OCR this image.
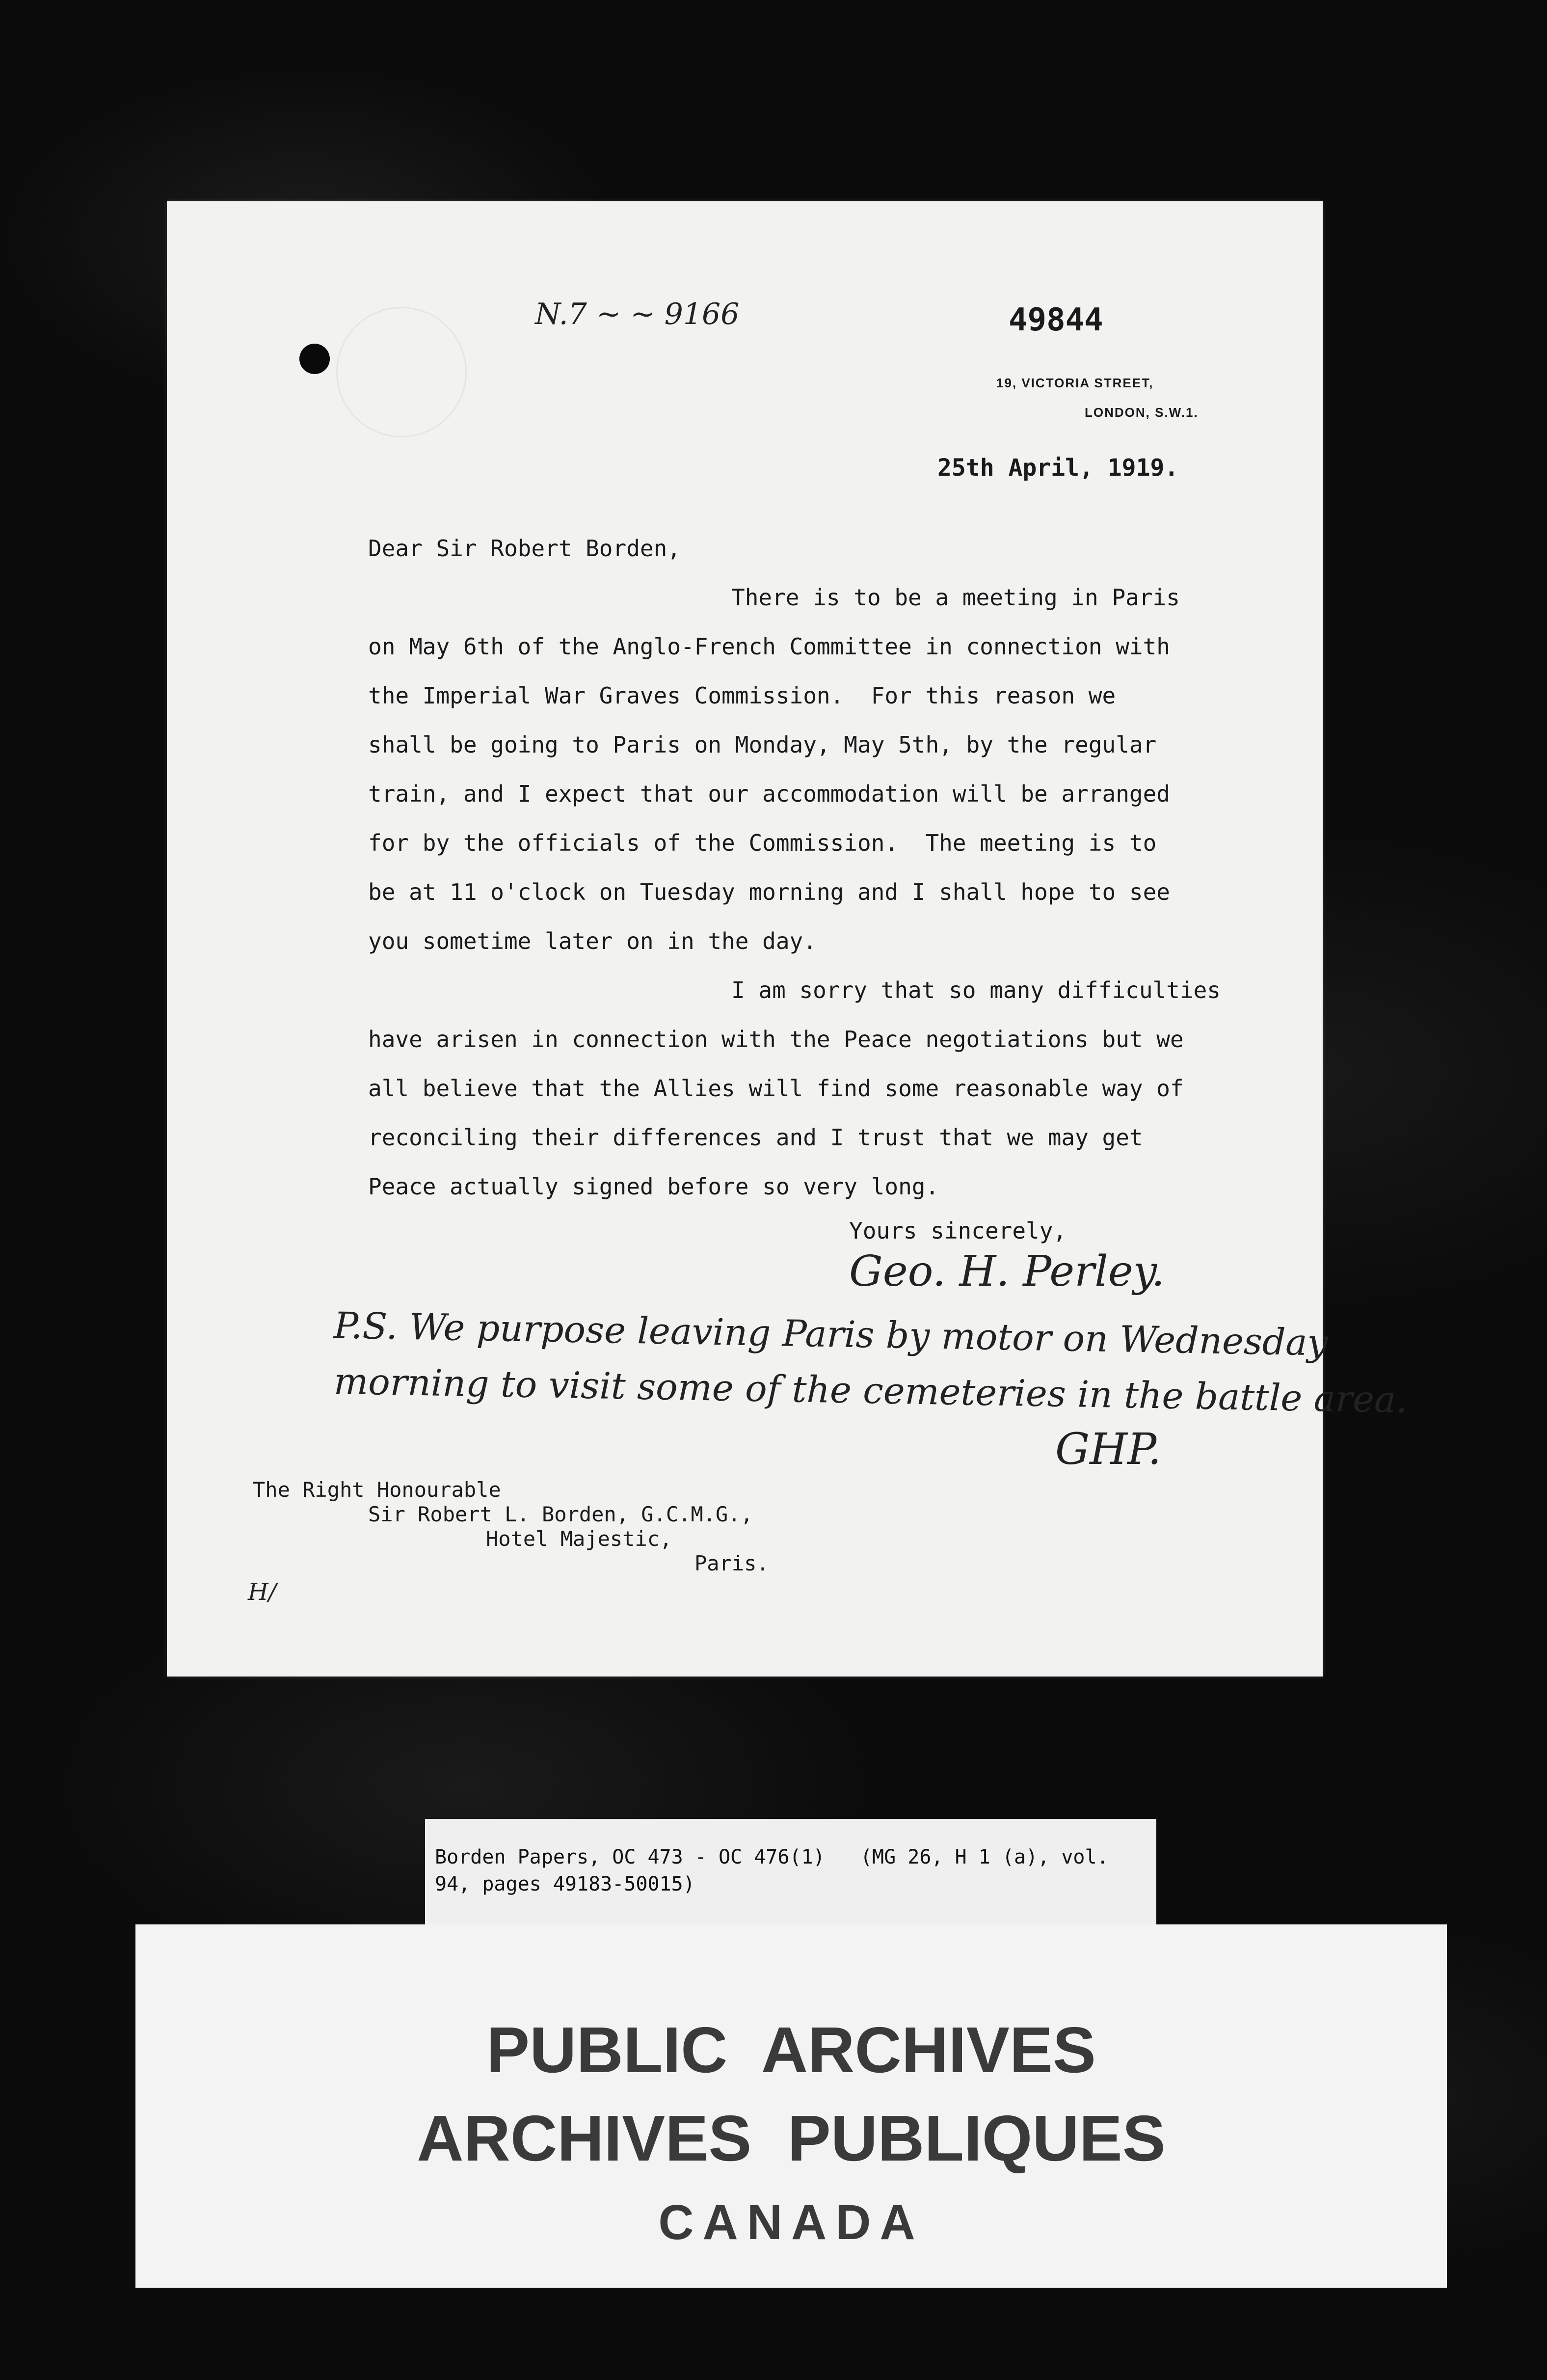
N.7 ~ ~ 9166	49844
19, VICTORIA STREET,
LONDON, S.W.1.
25th April, 1919.
Dear Sir Robert Borden,
There is to be a meeting in Paris
on May 6th of the Anglo-French Committee in connection with
the Imperial War Graves Commission.  For this reason we
shall be going to Paris on Monday, May 5th, by the regular
train, and I expect that our accommodation will be arranged
for by the officials of the Commission.  The meeting is to
be at 11 o'clock on Tuesday morning and I shall hope to see
you sometime later on in the day.
I am sorry that so many difficulties
have arisen in connection with the Peace negotiations but we
all believe that the Allies will find some reasonable way of
reconciling their differences and I trust that we may get
Peace actually signed before so very long.
Yours sincerely,
Geo. H. Perley.
P.S. We purpose leaving Paris by motor on Wednesday
morning to visit some of the cemeteries in the battle area.
GHP.
The Right Honourable
Sir Robert L. Borden, G.C.M.G.,
Hotel Majestic,
Paris.
H/
Borden Papers, OC 473 - OC 476(1)   (MG 26, H 1 (a), vol.
94, pages 49183-50015)
PUBLIC  ARCHIVES
ARCHIVES  PUBLIQUES
CANADA
